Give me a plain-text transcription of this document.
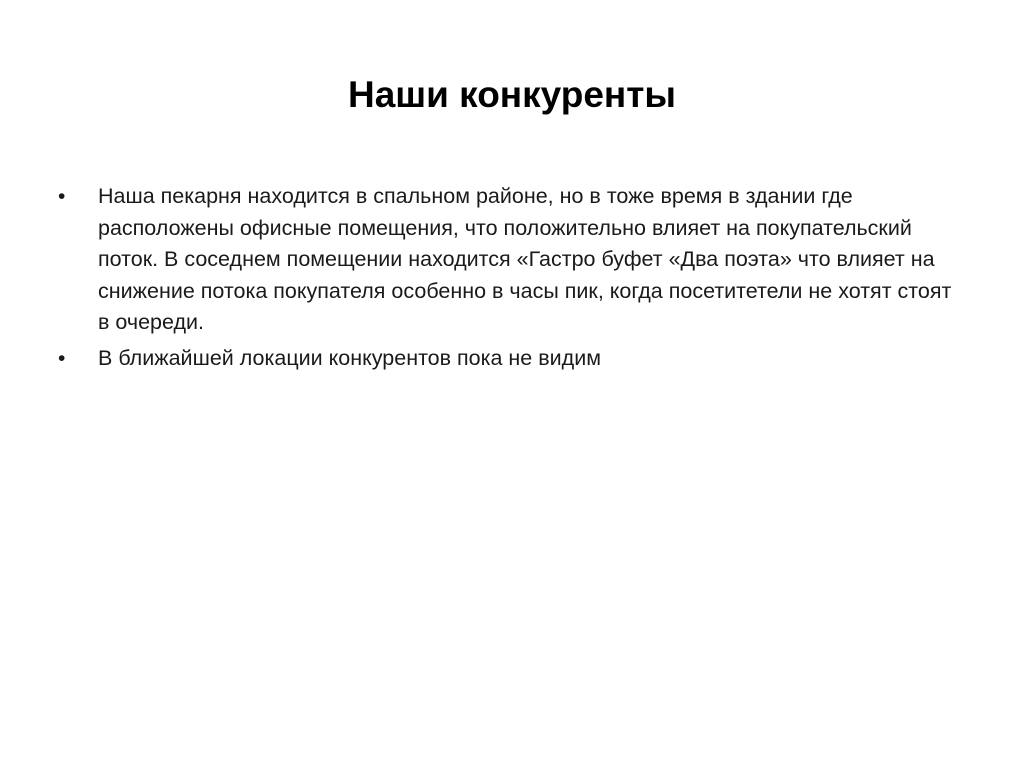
Наши конкуренты
•	Наша пекарня находится в спальном районе, но в тоже время в здании где расположены офисные помещения, что положительно влияет на покупательский поток. В соседнем помещении находится «Гастро буфет «Два поэта» что влияет на снижение потока покупателя особенно в часы пик, когда посетитетели не хотят стоят в очереди.
•	В ближайшей локации конкурентов пока не видим
